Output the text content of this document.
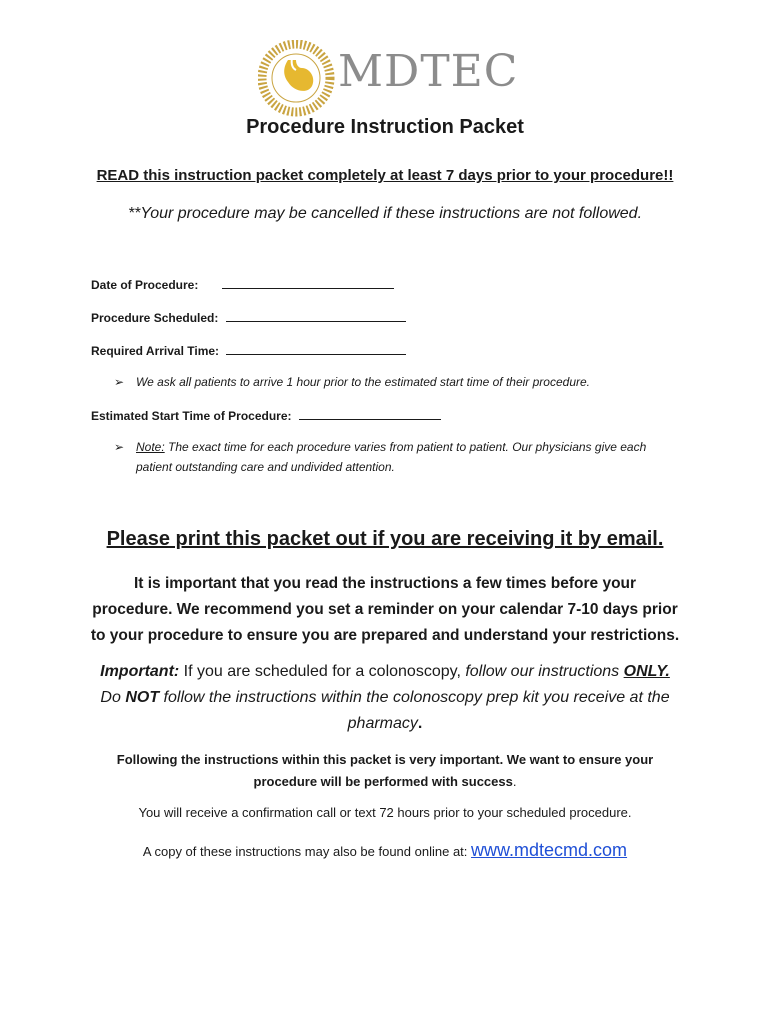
MDTEC
Procedure Instruction Packet
READ this instruction packet completely at least 7 days prior to your procedure!!
**Your procedure may be cancelled if these instructions are not followed.
Date of Procedure:
Procedure Scheduled:
Required Arrival Time:
➢ We ask all patients to arrive 1 hour prior to the estimated start time of their procedure.
Estimated Start Time of Procedure:
➢ Note: The exact time for each procedure varies from patient to patient. Our physicians give each
patient outstanding care and undivided attention.
Please print this packet out if you are receiving it by email.
It is important that you read the instructions a few times before your
procedure. We recommend you set a reminder on your calendar 7-10 days prior
to your procedure to ensure you are prepared and understand your restrictions.
Important: If you are scheduled for a colonoscopy, follow our instructions ONLY.
Do NOT follow the instructions within the colonoscopy prep kit you receive at the
pharmacy.
Following the instructions within this packet is very important. We want to ensure your
procedure will be performed with success.
You will receive a confirmation call or text 72 hours prior to your scheduled procedure.
A copy of these instructions may also be found online at: www.mdtecmd.com
